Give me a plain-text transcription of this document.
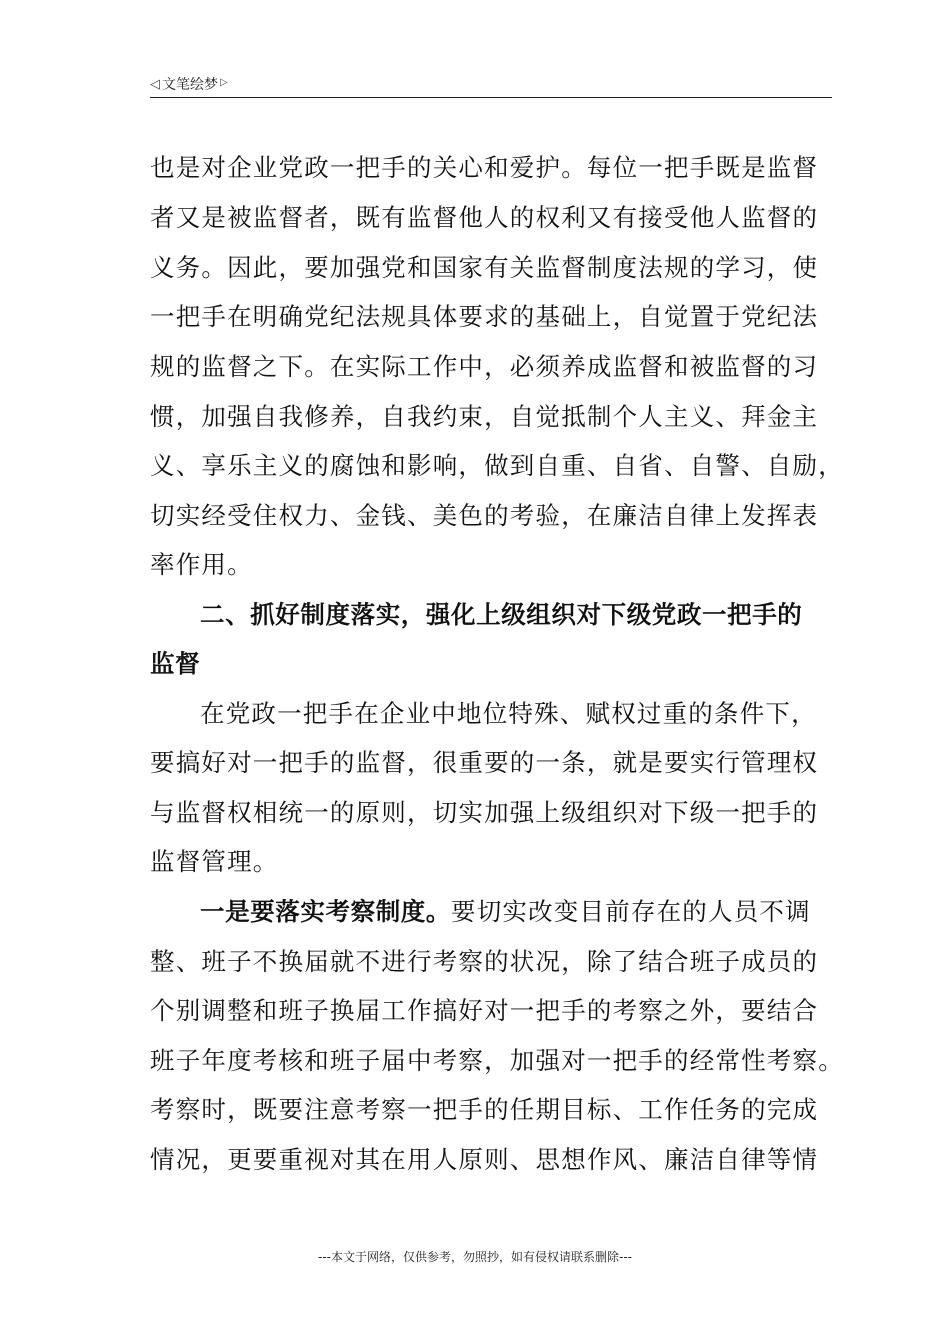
◁ 文笔绘梦 ▷
也是对企业党政一把手的关心和爱护。每位一把手既是监督
者又是被监督者，既有监督他人的权利又有接受他人监督的
义务。因此，要加强党和国家有关监督制度法规的学习，使
一把手在明确党纪法规具体要求的基础上，自觉置于党纪法
规的监督之下。在实际工作中，必须养成监督和被监督的习
惯，加强自我修养，自我约束，自觉抵制个人主义、拜金主
义、享乐主义的腐蚀和影响，做到自重、自省、自警、自励，
切实经受住权力、金钱、美色的考验，在廉洁自律上发挥表
率作用。
二、抓好制度落实，强化上级组织对下级党政一把手的
监督
在党政一把手在企业中地位特殊、赋权过重的条件下，
要搞好对一把手的监督，很重要的一条，就是要实行管理权
与监督权相统一的原则，切实加强上级组织对下级一把手的
监督管理。
一是要落实考察制度。要切实改变目前存在的人员不调
整、班子不换届就不进行考察的状况，除了结合班子成员的
个别调整和班子换届工作搞好对一把手的考察之外，要结合
班子年度考核和班子届中考察，加强对一把手的经常性考察。
考察时，既要注意考察一把手的任期目标、工作任务的完成
情况，更要重视对其在用人原则、思想作风、廉洁自律等情
---本文于网络，仅供参考，勿照抄，如有侵权请联系删除---
